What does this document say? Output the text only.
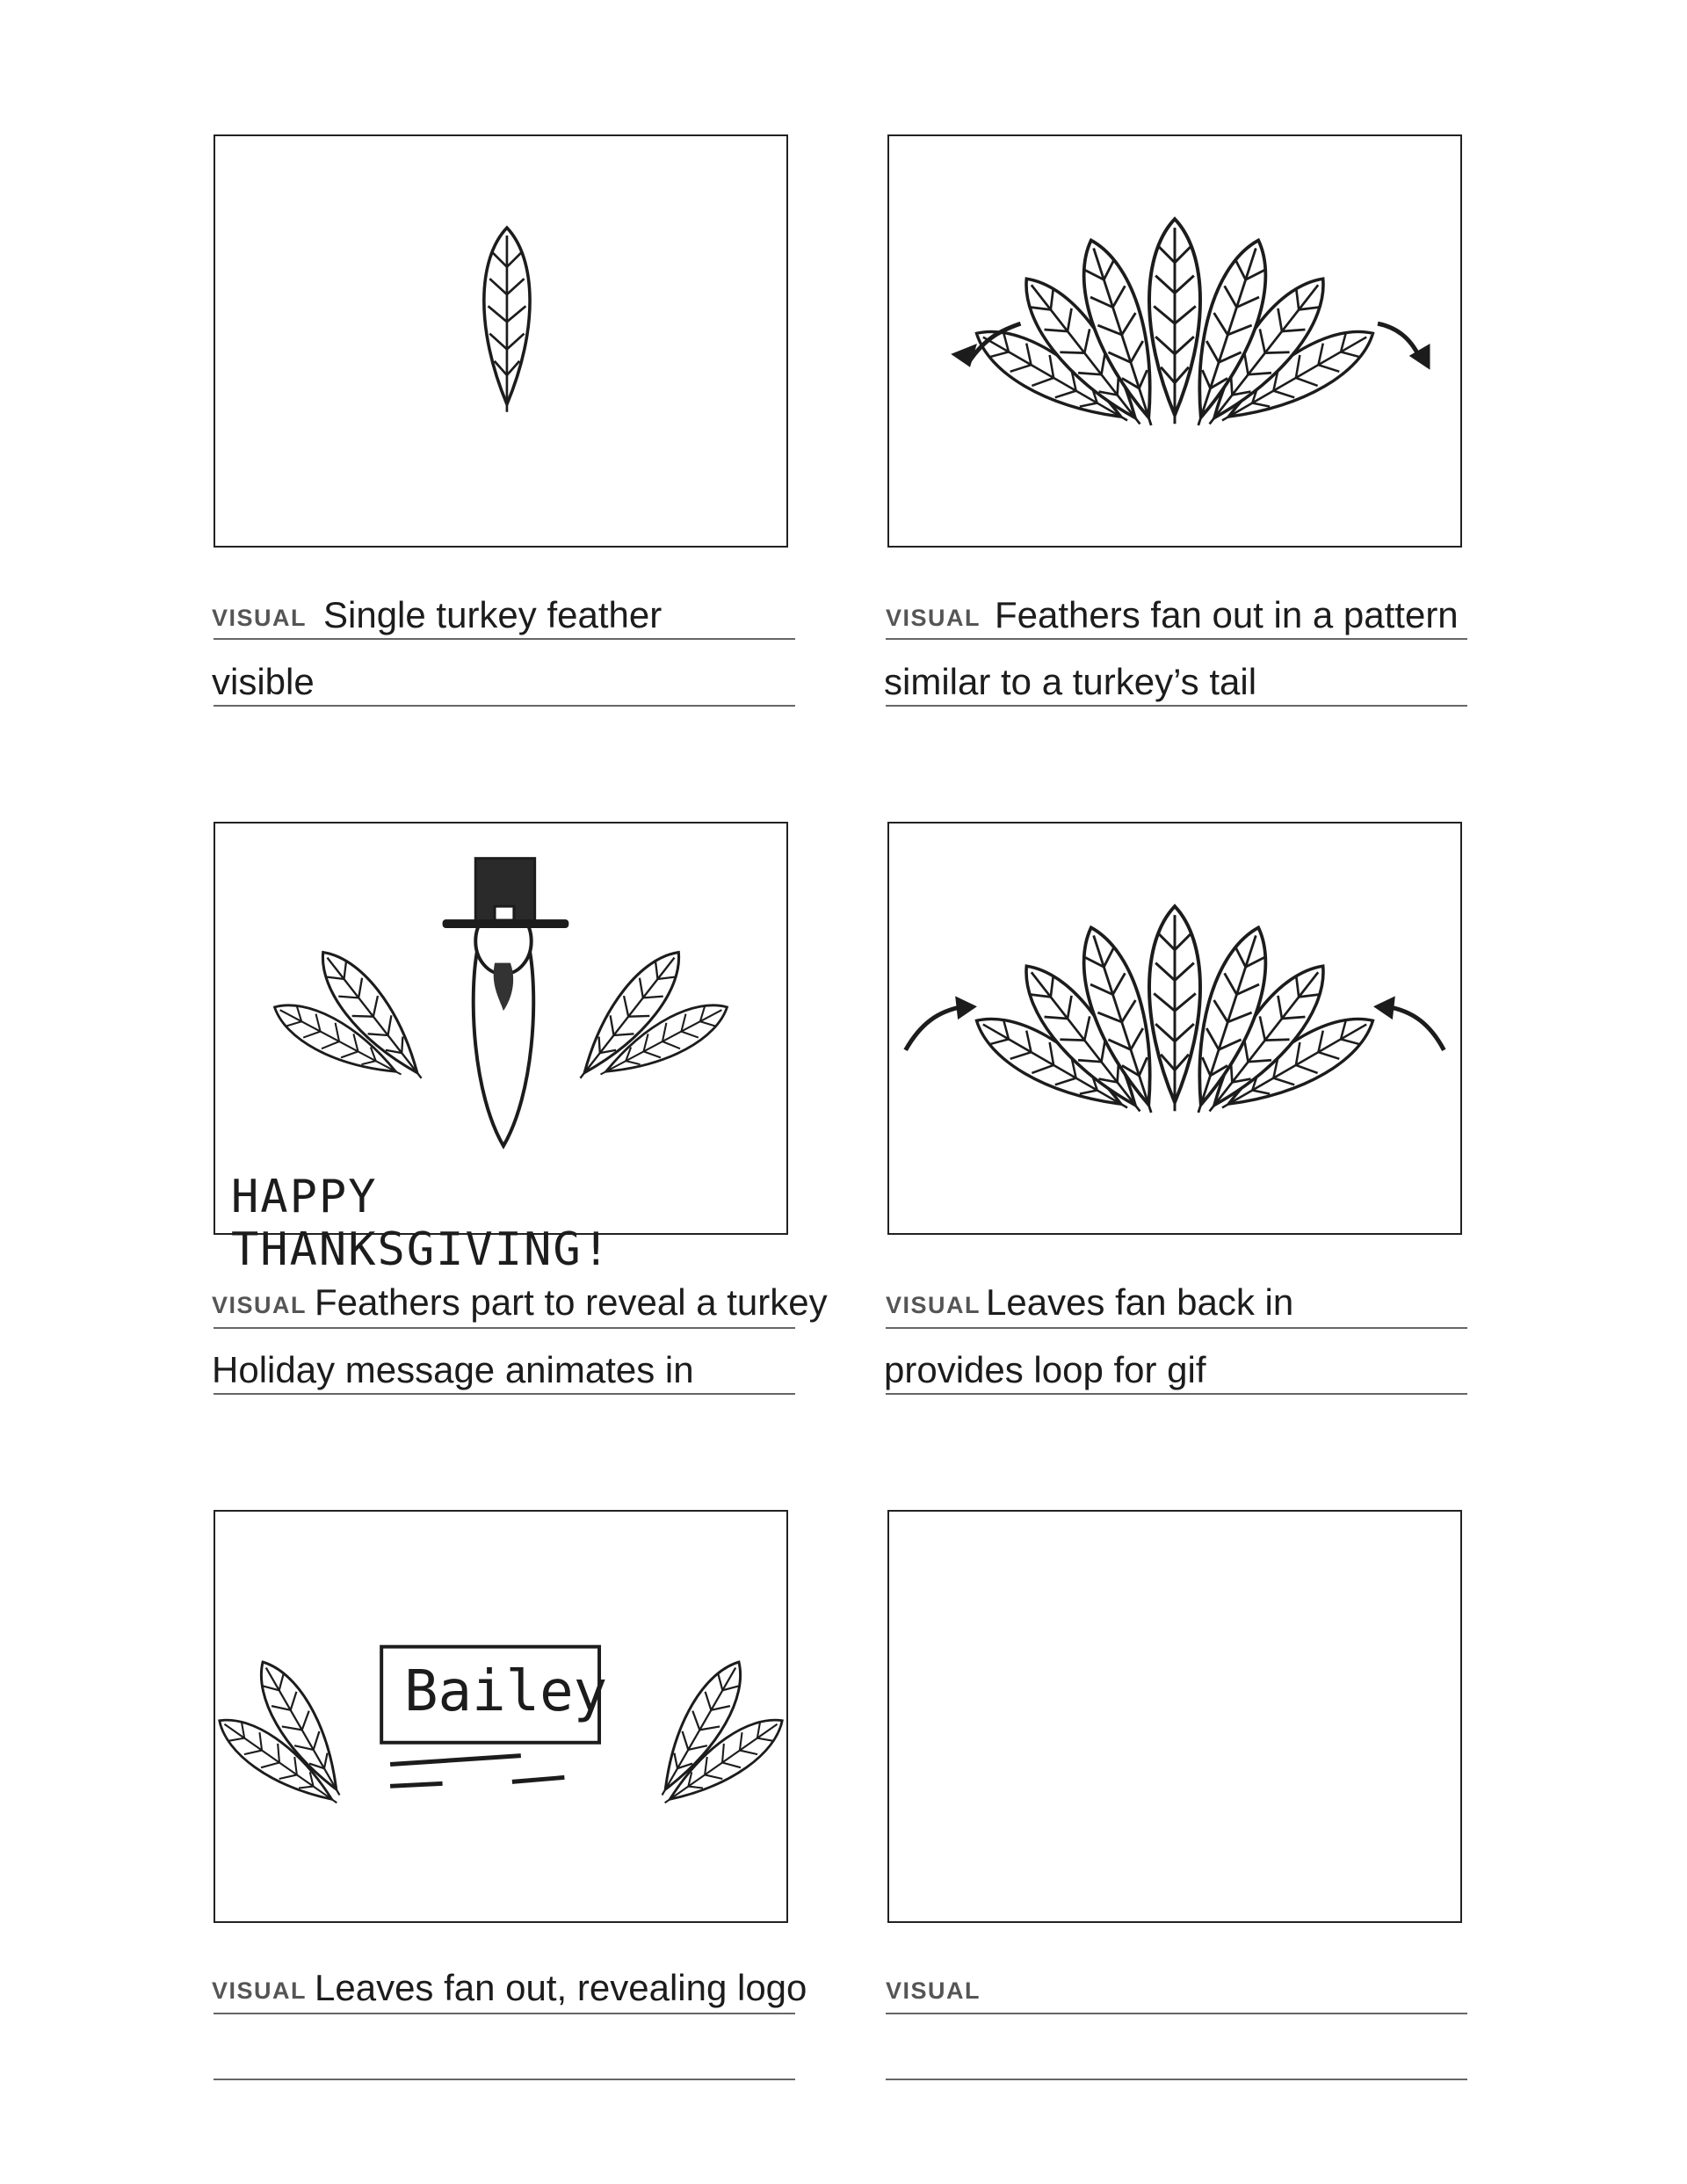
VISUAL Single turkey feather
visible
VISUAL Feathers fan out in a pattern
similar to a turkey’s tail
HAPPY THANKSGIVING!
VISUAL Feathers part to reveal a turkey
Holiday message animates in
VISUAL Leaves fan back in
provides loop for gif
Bailey
VISUAL Leaves fan out, revealing logo	VISUAL
